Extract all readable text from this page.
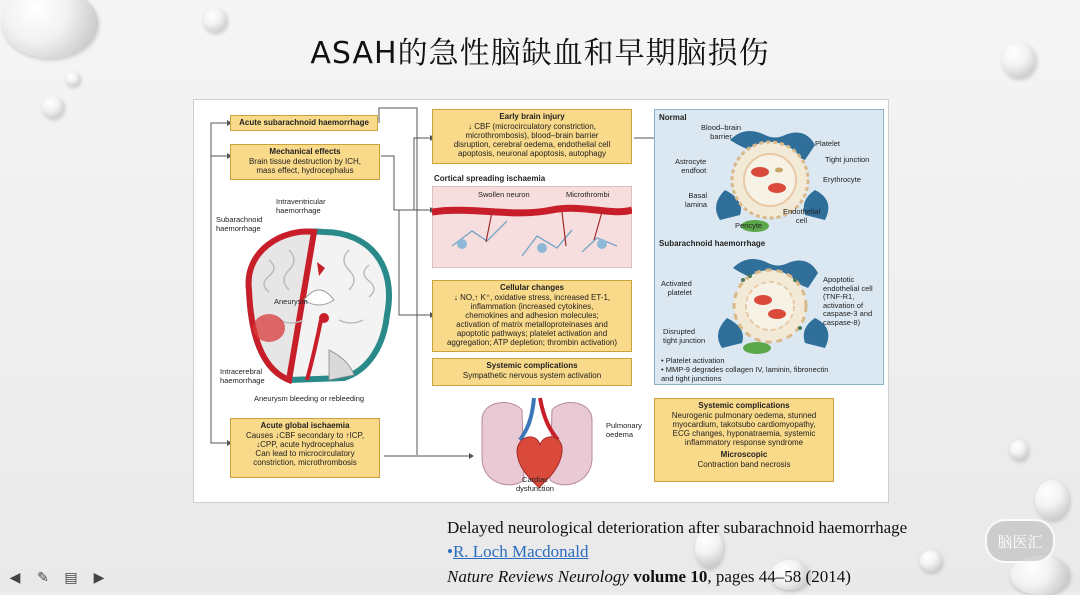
ASAH的急性脑缺血和早期脑损伤
Acute subarachnoid haemorrhage
Mechanical effects
Brain tissue destruction by ICH,
mass effect, hydrocephalus
Intraventricular
haemorrhage
Subarachnoid
haemorrhage
Aneurysm
Intracerebral
haemorrhage
Aneurysm bleeding or rebleeding
Acute global ischaemia
Causes ↓CBF secondary to ↑ICP,
↓CPP, acute hydrocephalus
Can lead to microcirculatory
constriction, microthrombosis
Early brain injury
↓ CBF (microcirculatory constriction,
microthrombosis), blood–brain barrier
disruption, cerebral oedema, endothelial cell
apoptosis, neuronal apoptosis, autophagy
Cortical spreading ischaemia
Swollen neuron	Microthrombi
Cellular changes
↓ NO,↑ K⁺, oxidative stress, increased ET-1,
inflammation (increased cytokines,
chemokines and adhesion molecules;
activation of matrix metalloproteinases and
apoptotic pathways; platelet activation and
aggregation; ATP depletion; thrombin activation)
Systemic complications
Sympathetic nervous system activation
Pulmonary
oedema
Cardiac
dysfunction
Normal
Blood–brain
barrier
Platelet
Tight junction
Astrocyte
endfoot
Erythrocyte
Basal
lamina
Endothelial
cell
Pericyte
Subarachnoid haemorrhage
Activated
platelet
Apoptotic
endothelial cell
(TNF-R1,
activation of
caspase-3 and
caspase-8)
Disrupted
tight junction
• Platelet activation
• MMP-9 degrades collagen IV, laminin, fibronectin
and tight junctions
Systemic complications
Neurogenic pulmonary oedema, stunned
myocardium, takotsubo cardiomyopathy,
ECG changes, hyponatraemia, systemic
inflammatory response syndrome
Microscopic
Contraction band necrosis
Delayed neurological deterioration after subarachnoid haemorrhage
•R. Loch Macdonald
Nature Reviews Neurology volume 10, pages 44–58 (2014)
脑医汇
◀ ✎ ▤ ▶
